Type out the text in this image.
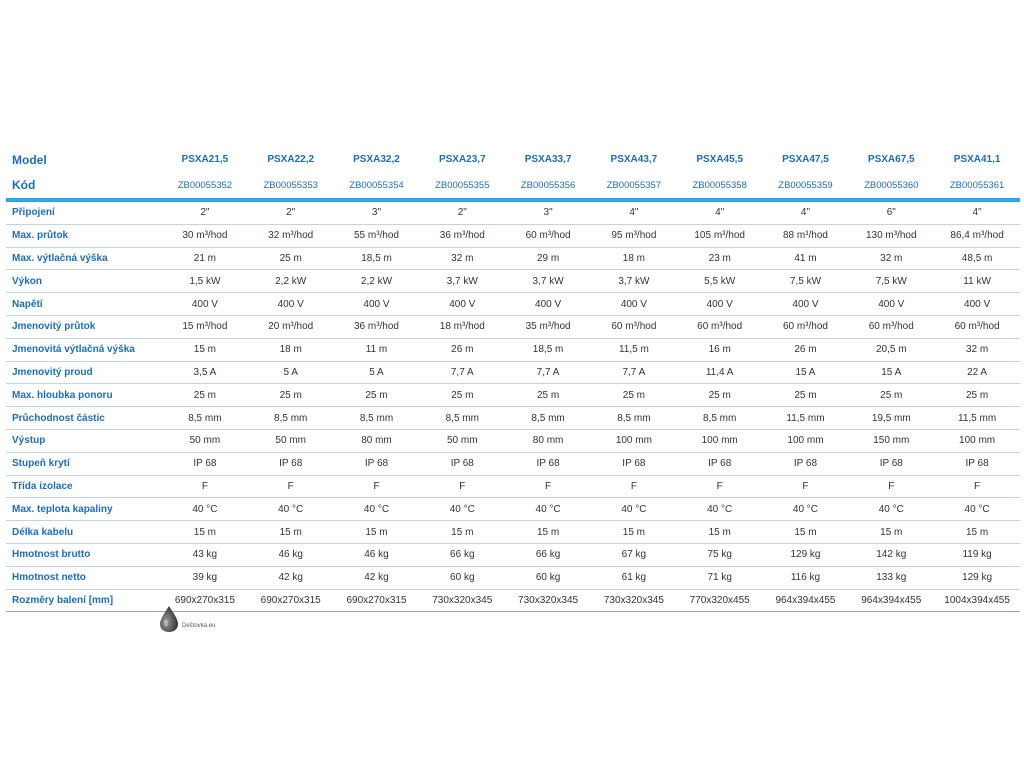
Model	PSXA21,5	PSXA22,2	PSXA32,2	PSXA23,7	PSXA33,7	PSXA43,7	PSXA45,5	PSXA47,5	PSXA67,5	PSXA41,1
Kód	ZB00055352	ZB00055353	ZB00055354	ZB00055355	ZB00055356	ZB00055357	ZB00055358	ZB00055359	ZB00055360	ZB00055361
Připojení	2"	2"	3"	2"	3"	4"	4"	4"	6"	4"
Max. průtok	30 m³/hod	32 m³/hod	55 m³/hod	36 m³/hod	60 m³/hod	95 m³/hod	105 m³/hod	88 m³/hod	130 m³/hod	86,4 m³/hod
Max. výtlačná výška	21 m	25 m	18,5 m	32 m	29 m	18 m	23 m	41 m	32 m	48,5 m
Výkon	1,5 kW	2,2 kW	2,2 kW	3,7 kW	3,7 kW	3,7 kW	5,5 kW	7,5 kW	7,5 kW	11 kW
Napětí	400 V	400 V	400 V	400 V	400 V	400 V	400 V	400 V	400 V	400 V
Jmenovitý průtok	15 m³/hod	20 m³/hod	36 m³/hod	18 m³/hod	35 m³/hod	60 m³/hod	60 m³/hod	60 m³/hod	60 m³/hod	60 m³/hod
Jmenovitá výtlačná výška	15 m	18 m	11 m	26 m	18,5 m	11,5 m	16 m	26 m	20,5 m	32 m
Jmenovitý proud	3,5 A	5 A	5 A	7,7 A	7,7 A	7,7 A	11,4 A	15 A	15 A	22 A
Max. hloubka ponoru	25 m	25 m	25 m	25 m	25 m	25 m	25 m	25 m	25 m	25 m
Průchodnost částic	8,5 mm	8,5 mm	8,5 mm	8,5 mm	8,5 mm	8,5 mm	8,5 mm	11,5 mm	19,5 mm	11,5 mm
Výstup	50 mm	50 mm	80 mm	50 mm	80 mm	100 mm	100 mm	100 mm	150 mm	100 mm
Stupeň krytí	IP 68	IP 68	IP 68	IP 68	IP 68	IP 68	IP 68	IP 68	IP 68	IP 68
Třída izolace	F	F	F	F	F	F	F	F	F	F
Max. teplota kapaliny	40 °C	40 °C	40 °C	40 °C	40 °C	40 °C	40 °C	40 °C	40 °C	40 °C
Délka kabelu	15 m	15 m	15 m	15 m	15 m	15 m	15 m	15 m	15 m	15 m
Hmotnost brutto	43 kg	46 kg	46 kg	66 kg	66 kg	67 kg	75 kg	129 kg	142 kg	119 kg
Hmotnost netto	39 kg	42 kg	42 kg	60 kg	60 kg	61 kg	71 kg	116 kg	133 kg	129 kg
Rozměry balení [mm]	690x270x315	690x270x315	690x270x315	730x320x345	730x320x345	730x320x345	770x320x455	964x394x455	964x394x455	1004x394x455
Deštovka.eu
